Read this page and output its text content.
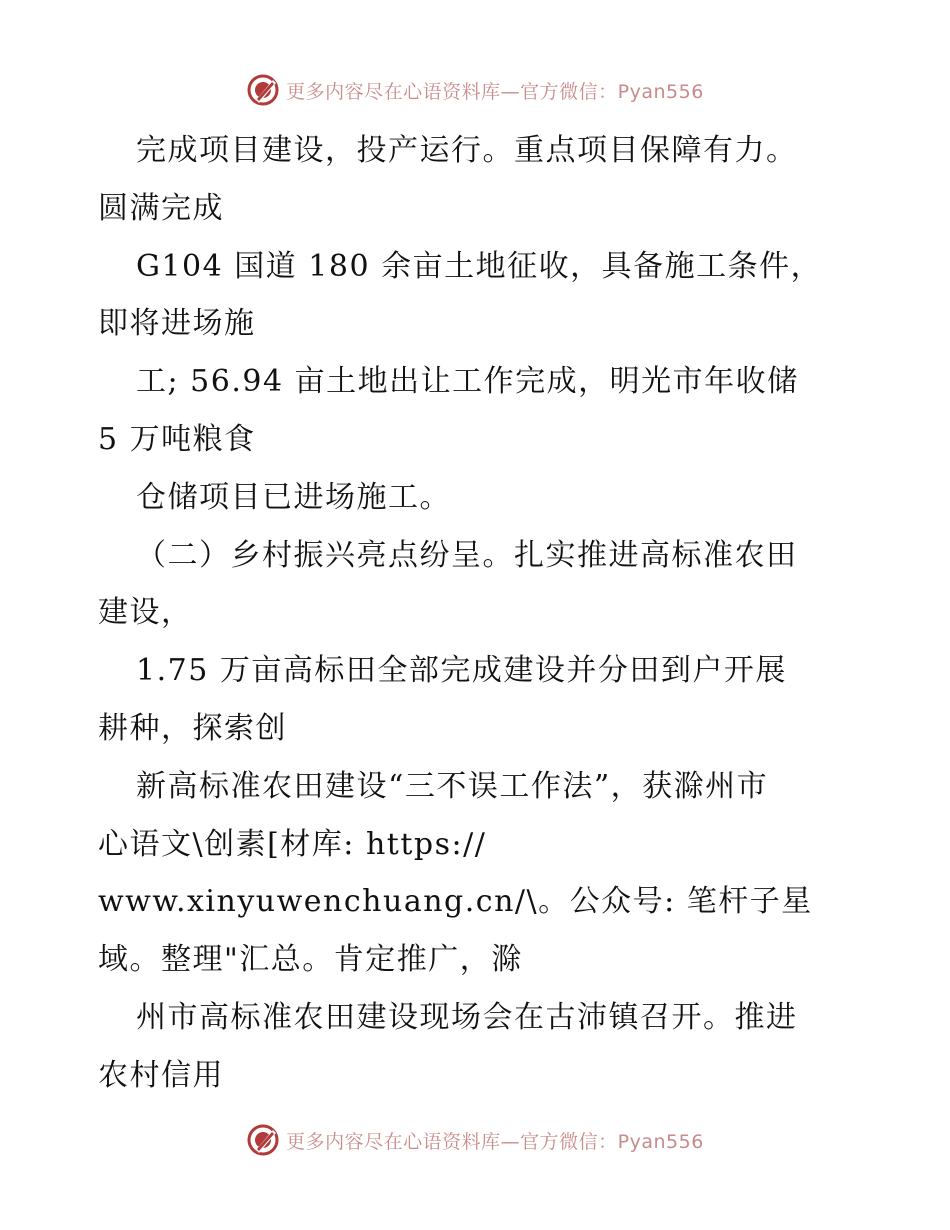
更多内容尽在心语资料库—官方微信：Pyan556
完成项目建设，投产运行。重点项目保障有力。
圆满完成
G104 国道 180 余亩土地征收，具备施工条件，
即将进场施
工; 56.94 亩土地出让工作完成，明光市年收储
5 万吨粮食
仓储项目已进场施工。
（二）乡村振兴亮点纷呈。扎实推进高标准农田
建设，
1.75 万亩高标田全部完成建设并分田到户开展
耕种，探索创
新高标准农田建设“三不误工作法”，获滁州市
心语文\创素[材库: https://
www.xinyuwenchuang.cn/\。公众号: 笔杆子星
域。整理"汇总。肯定推广，滁
州市高标准农田建设现场会在古沛镇召开。推进
农村信用
更多内容尽在心语资料库—官方微信：Pyan556
